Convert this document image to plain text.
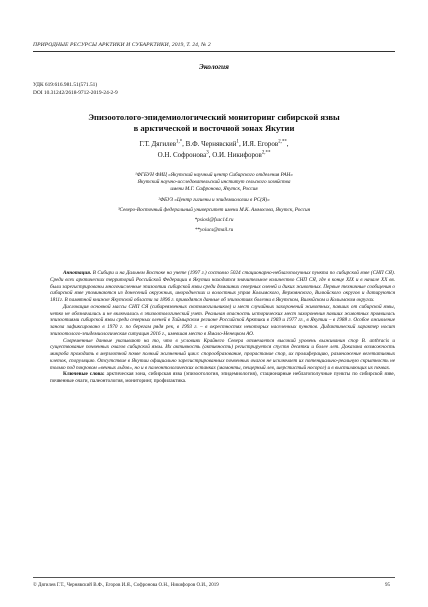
ПРИРОДНЫЕ РЕСУРСЫ АРКТИКИ И СУБАРКТИКИ, 2019, Т. 24, № 2
Экология
УДК 619:616.981.51(571.51)
DOI 10.31242/2618-9712-2019-24-2-9
Эпизоотолого-эпидемиологический мониторинг сибирской язвы
в арктической и восточной зонах Якутии
Г.Т. Дягилев$^{1,*}$, В.Ф. Чернявский$^1$, И.Я. Егоров$^{2,**}$,
О.Н. Софронова$^3$, О.И. Никифоров$^{2,**}$
¹ФГБУН ФИЦ «Якутский научный центр Сибирского отделения РАН»
Якутский научно-исследовательский институт сельского хозяйства
имени М.Г. Сафронова, Якутск, Россия
²ФБУЗ «Центр гигиены и эпидемиологии в РС(Я)»
³Северо-Восточный федеральный университет имени М.К. Аммосова, Якутск, Россия
*psiosl@fsac14.ru
**yoiucs@mail.ru

Аннотация. В Сибири и на Дальнем Востоке на учете (1997 г.) состояло 5024 стационарно-неблагополучных пункта по сибирской язве (СНП СЯ). Среди всех арктических территорий Российской Федерации в Якутии находится значительное количество СНП СЯ, где в конце XIX и в начале XX вв. были зарегистрированы многочисленные эпизоотии сибирской язвы среди домашних северных оленей и диких животных. Первые техничные сообщения о сибирской язве упоминаются из донесений окружных, инородческих и волостных управ Колымского, Верхоянского, Вилюйского округов и датируются 1811г. В памятной книжке Якутской области за 1896 г. приводятся данные об эпизоотиях болезни в Якутском, Вилюйском и Колымском округах.

Дислокация основной массы СНП СЯ (сибиреязвенных скотомогильников) и мест случайных захоронений животных, павших от сибирской язвы, четко не обозначались и не включались в эпизоотологический учет. Реальная опасность исторических мест захоронения павших животных проявилась эпизоотиями сибирской язвы среди северных оленей в Таймырском регионе Российской Арктики в 1969 и 1977 гг., в Якутии – в 1988 г. Особое оживление заноза зафиксировано в 1970 г. по берегам рядя рек, в 1993 г. – в окрестностях некоторых населенных пунктов. Дидактический характер носит эпизоотолого-эпидемиологическая ситуация 2016 г., имевшая место в Ямало-Ненецком АО.

Современные данные указывают на то, что в условиях Крайнего Севера отмечается высокий уровень выживания спор B. anthracis и существование почвенных очагов сибирской язвы. Их активность (активность) регистрируется спустя десятки и более лет. Доказана возможность микроба проходить в мерзлотной почве полный жизненный цикл: спорообразование, прорастание спор, их пролиферацию, размножение вегетативных клеток, споруляцию. Отсутствие в Якутии официально зарегистрированных почвенных очагов не исключает их потенциально-реальную скрытность не только под покровом «вечных льдов», но и в палеонтологических останках (мамонты, пещерный лев, шерстистый носорог) и в выстилающих их почвах.

Ключевые слова: арктическая зона, сибирская язва (эпизоотология, эпидемиология), стационарные неблагополучные пункты по сибирской язве, почвенные очаги, палеонтология, мониторинг, профилактика.

© Дягилев Г.Т., Чернявский В.Ф., Егоров И.Я., Софронова О.Н., Никифоров О.И., 2019	95
